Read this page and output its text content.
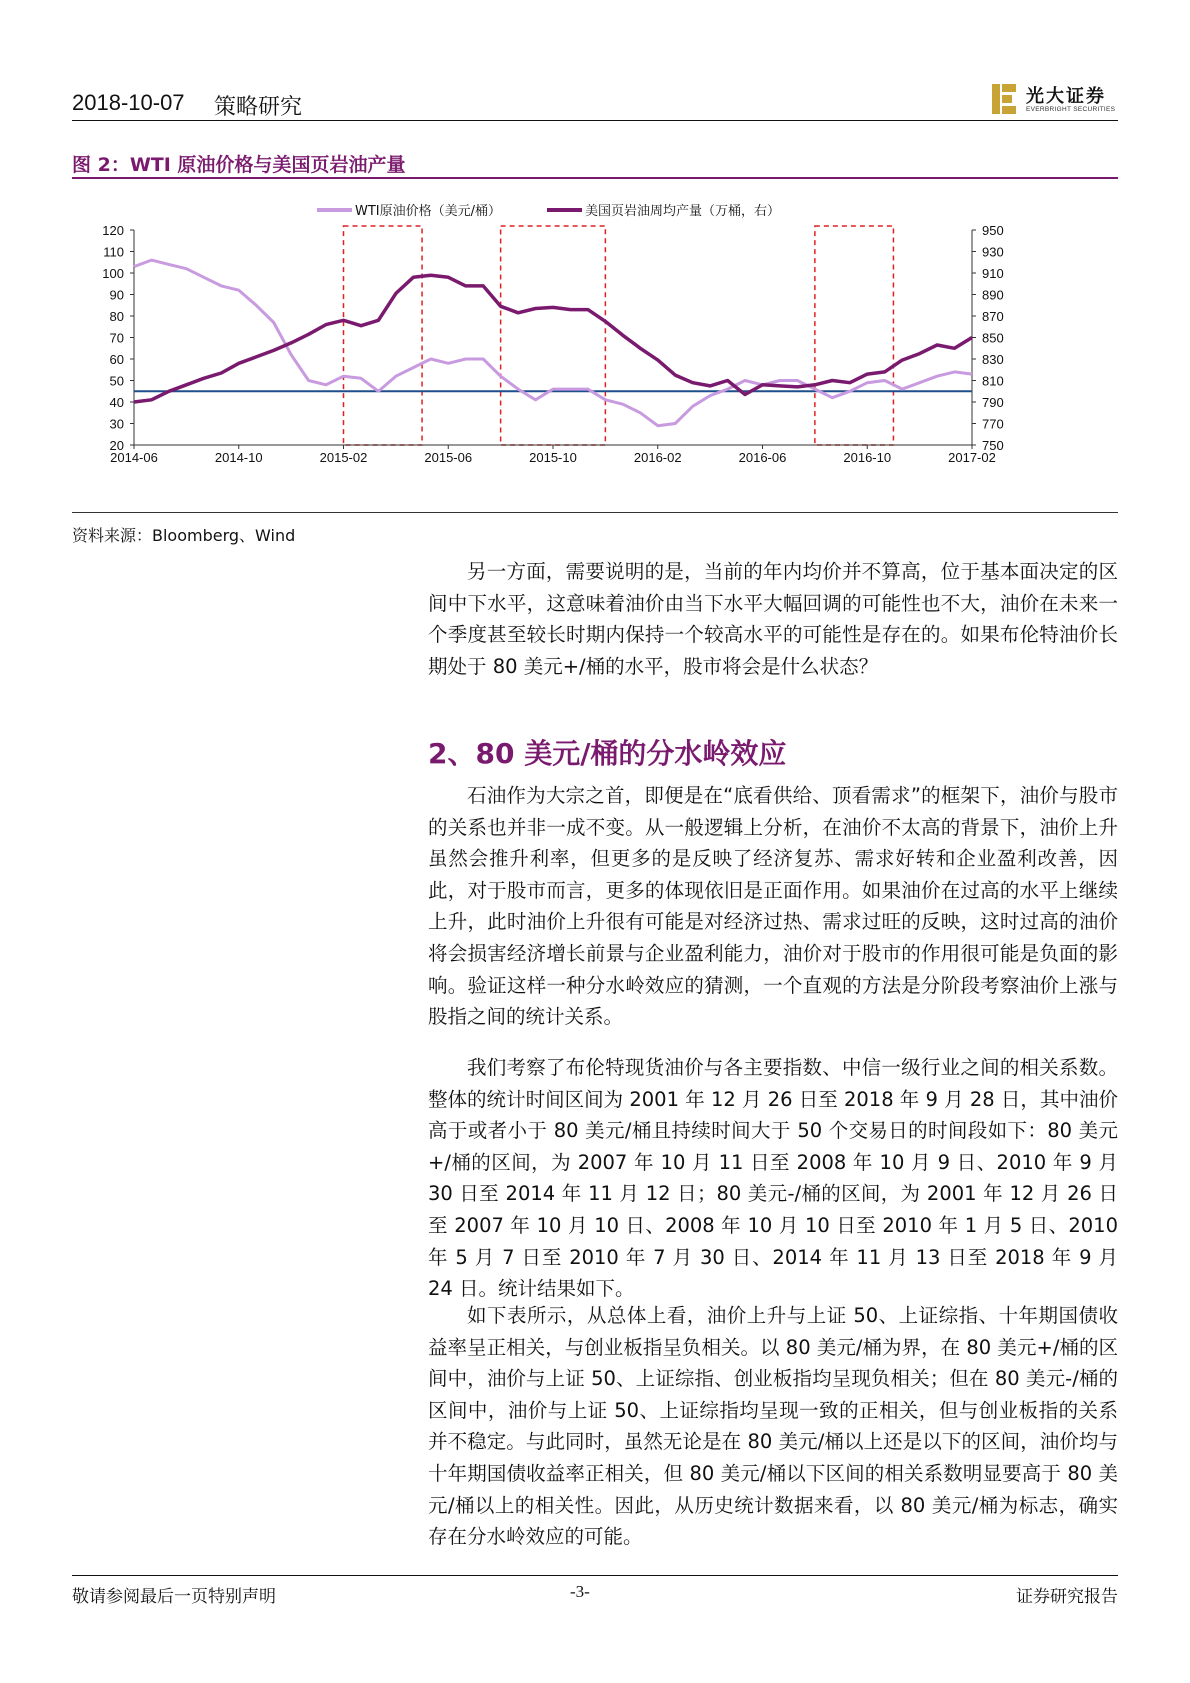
2018-10-07 策略研究	光大证券
EVERBRIGHT SECURITIES
图 2：WTI 原油价格与美国页岩油产量
WTI原油价格（美元/桶）	美国页岩油周均产量（万桶，右）
120
110
100
90
80
70
60
50
40
30
20
950
930
910
890
870
850
830
810
790
770
750
2014-06	2014-10	2015-02	2015-06	2015-10	2016-02	2016-06	2016-10	2017-02
资料来源：Bloomberg、Wind
另一方面，需要说明的是，当前的年内均价并不算高，位于基本面决定的区间中下水平，这意味着油价由当下水平大幅回调的可能性也不大，油价在未来一个季度甚至较长时期内保持一个较高水平的可能性是存在的。如果布伦特油价长期处于 80 美元+/桶的水平，股市将会是什么状态？
2、80 美元/桶的分水岭效应
石油作为大宗之首，即便是在“底看供给、顶看需求”的框架下，油价与股市的关系也并非一成不变。从一般逻辑上分析，在油价不太高的背景下，油价上升虽然会推升利率，但更多的是反映了经济复苏、需求好转和企业盈利改善，因此，对于股市而言，更多的体现依旧是正面作用。如果油价在过高的水平上继续上升，此时油价上升很有可能是对经济过热、需求过旺的反映，这时过高的油价将会损害经济增长前景与企业盈利能力，油价对于股市的作用很可能是负面的影响。验证这样一种分水岭效应的猜测，一个直观的方法是分阶段考察油价上涨与股指之间的统计关系。
我们考察了布伦特现货油价与各主要指数、中信一级行业之间的相关系数。整体的统计时间区间为 2001 年 12 月 26 日至 2018 年 9 月 28 日，其中油价高于或者小于 80 美元/桶且持续时间大于 50 个交易日的时间段如下：80 美元+/桶的区间，为 2007 年 10 月 11 日至 2008 年 10 月 9 日、2010 年 9 月 30 日至 2014 年 11 月 12 日；80 美元-/桶的区间，为 2001 年 12 月 26 日至 2007 年 10 月 10 日、2008 年 10 月 10 日至 2010 年 1 月 5 日、2010 年 5 月 7 日至 2010 年 7 月 30 日、2014 年 11 月 13 日至 2018 年 9 月 24 日。统计结果如下。
如下表所示，从总体上看，油价上升与上证 50、上证综指、十年期国债收益率呈正相关，与创业板指呈负相关。以 80 美元/桶为界，在 80 美元+/桶的区间中，油价与上证 50、上证综指、创业板指均呈现负相关；但在 80 美元-/桶的区间中，油价与上证 50、上证综指均呈现一致的正相关，但与创业板指的关系并不稳定。与此同时，虽然无论是在 80 美元/桶以上还是以下的区间，油价均与十年期国债收益率正相关，但 80 美元/桶以下区间的相关系数明显要高于 80 美元/桶以上的相关性。因此，从历史统计数据来看，以 80 美元/桶为标志，确实存在分水岭效应的可能。
敬请参阅最后一页特别声明	-3-	证券研究报告
